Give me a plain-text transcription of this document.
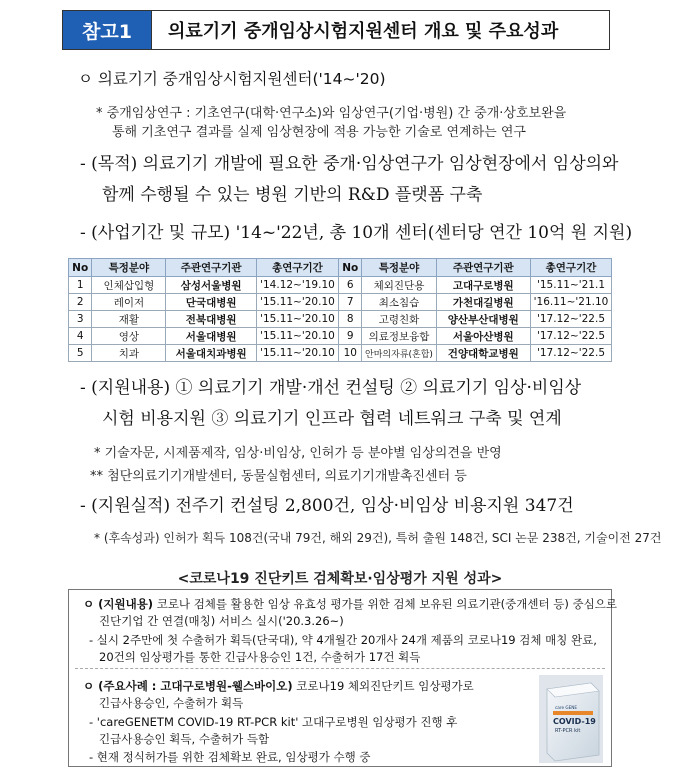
참고1	의료기기 중개임상시험지원센터 개요 및 주요성과
ㅇ 의료기기 중개임상시험지원센터('14~'20)
* 중개임상연구 : 기초연구(대학·연구소)와 임상연구(기업·병원) 간 중개·상호보완을
통해 기초연구 결과를 실제 임상현장에 적용 가능한 기술로 연계하는 연구
- (목적) 의료기기 개발에 필요한 중개·임상연구가 임상현장에서 임상의와
함께 수행될 수 있는 병원 기반의 R&D 플랫폼 구축
- (사업기간 및 규모) '14~'22년, 총 10개 센터(센터당 연간 10억 원 지원)
No	특정분야	주관연구기관	총연구기간	No	특정분야	주관연구기관	총연구기간
1	인체삽입형	삼성서울병원	'14.12~'19.10	6	체외진단용	고대구로병원	'15.11~'21.1
2	레이저	단국대병원	'15.11~'20.10	7	최소침습	가천대길병원	'16.11~'21.10
3	재활	전북대병원	'15.11~'20.10	8	고령친화	양산부산대병원	'17.12~'22.5
4	영상	서울대병원	'15.11~'20.10	9	의료정보융합	서울아산병원	'17.12~'22.5
5	치과	서울대치과병원	'15.11~'20.10	10	안마의자류(혼합)	건양대학교병원	'17.12~'22.5
- (지원내용) ① 의료기기 개발·개선 컨설팅 ② 의료기기 임상·비임상
시험 비용지원 ③ 의료기기 인프라 협력 네트워크 구축 및 연계
* 기술자문, 시제품제작, 임상·비임상, 인허가 등 분야별 임상의견을 반영
** 첨단의료기기개발센터, 동물실험센터, 의료기기개발촉진센터 등
- (지원실적) 전주기 컨설팅 2,800건, 임상·비임상 비용지원 347건
* (후속성과) 인허가 획득 108건(국내 79건, 해외 29건), 특허 출원 148건, SCI 논문 238건, 기술이전 27건
<코로나19 진단키트 검체확보·임상평가 지원 성과>
ㅇ (지원내용) 코로나 검체를 활용한 임상 유효성 평가를 위한 검체 보유된 의료기관(중개센터 등) 중심으로
진단기업 간 연결(매칭) 서비스 실시('20.3.26~)
- 실시 2주만에 첫 수출허가 획득(단국대), 약 4개월간 20개사 24개 제품의 코로나19 검체 매칭 완료,
20건의 임상평가를 통한 긴급사용승인 1건, 수출허가 17건 획득
ㅇ (주요사례 : 고대구로병원-웰스바이오) 코로나19 체외진단키트 임상평가로
긴급사용승인, 수출허가 획득
- 'careGENETM COVID-19 RT-PCR kit' 고대구로병원 임상평가 진행 후
긴급사용승인 획득, 수출허가 득함
- 현재 정식허가를 위한 검체확보 완료, 임상평가 수행 중
care GENE
COVID-19
RT-PCR kit
